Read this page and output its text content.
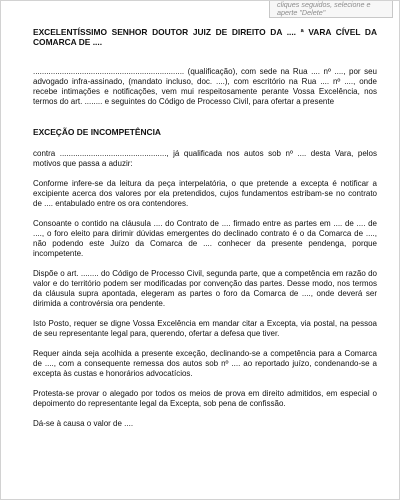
cliques seguidos, selecione e
aperte "Delete"

EXCELENTÍSSIMO SENHOR DOUTOR JUIZ DE DIREITO DA .... ª VARA CÍVEL DA COMARCA DE ....

.................................................................... (qualificação), com sede na Rua .... nº ...., por seu advogado infra-assinado, (mandato incluso, doc. ....), com escritório na Rua .... nº ...., onde recebe intimações e notificações, vem mui respeitosamente perante Vossa Excelência, nos termos do art. ........ e seguintes do Código de Processo Civil, para ofertar a presente

EXCEÇÃO DE INCOMPETÊNCIA

contra ................................................, já qualificada nos autos sob nº .... desta Vara, pelos motivos que passa a aduzir:

Conforme infere-se da leitura da peça interpelatória, o que pretende a excepta é notificar a excipiente acerca dos valores por ela pretendidos, cujos fundamentos estribam-se no contrato de .... entabulado entre os ora contendores.

Consoante o contido na cláusula .... do Contrato de .... firmado entre as partes em .... de .... de ...., o foro eleito para dirimir dúvidas emergentes do declinado contrato é o da Comarca de ...., não podendo este Juízo da Comarca de .... conhecer da presente pendenga, porque incompetente.

Dispõe o art. ........ do Código de Processo Civil, segunda parte, que a competência em razão do valor e do território podem ser modificadas por convenção das partes. Desse modo, nos termos da cláusula supra apontada, elegeram as partes o foro da Comarca de ...., onde deverá ser dirimida a controvérsia ora pendente.

Isto Posto, requer se digne Vossa Excelência em mandar citar a Excepta, via postal, na pessoa de seu representante legal para, querendo, ofertar a defesa que tiver.

Requer ainda seja acolhida a presente exceção, declinando-se a competência para a Comarca de ...., com a consequente remessa dos autos sob nº .... ao reportado juízo, condenando-se a excepta às custas e honorários advocatícios.

Protesta-se provar o alegado por todos os meios de prova em direito admitidos, em especial o depoimento do representante legal da Excepta, sob pena de confissão.

Dá-se à causa o valor de ....
